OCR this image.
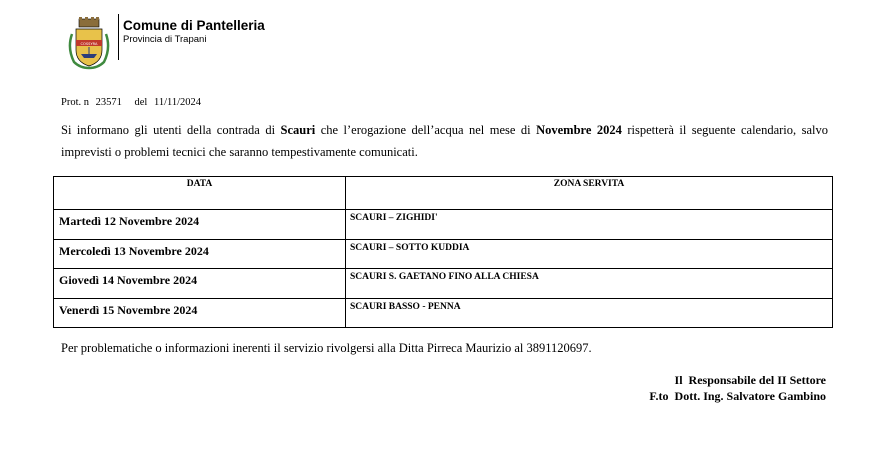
COSSYRA
Comune di Pantelleria
Provincia di Trapani
Prot. n 23571 del 11/11/2024
Si informano gli utenti della contrada di Scauri che l’erogazione dell’acqua nel mese di Novembre 2024 rispetterà il seguente calendario, salvo imprevisti o problemi tecnici che saranno tempestivamente comunicati.
DATA	ZONA SERVITA

Martedì 12 Novembre 2024	SCAURI – ZIGHIDI'

Mercoledì 13 Novembre 2024	SCAURI – SOTTO KUDDIA

Giovedì 14 Novembre 2024	SCAURI S. GAETANO FINO ALLA CHIESA

Venerdì 15 Novembre 2024	SCAURI BASSO - PENNA
Per problematiche o informazioni inerenti il servizio rivolgersi alla Ditta Pirreca Maurizio al 3891120697.
Il  Responsabile del II Settore
F.to  Dott. Ing. Salvatore Gambino
